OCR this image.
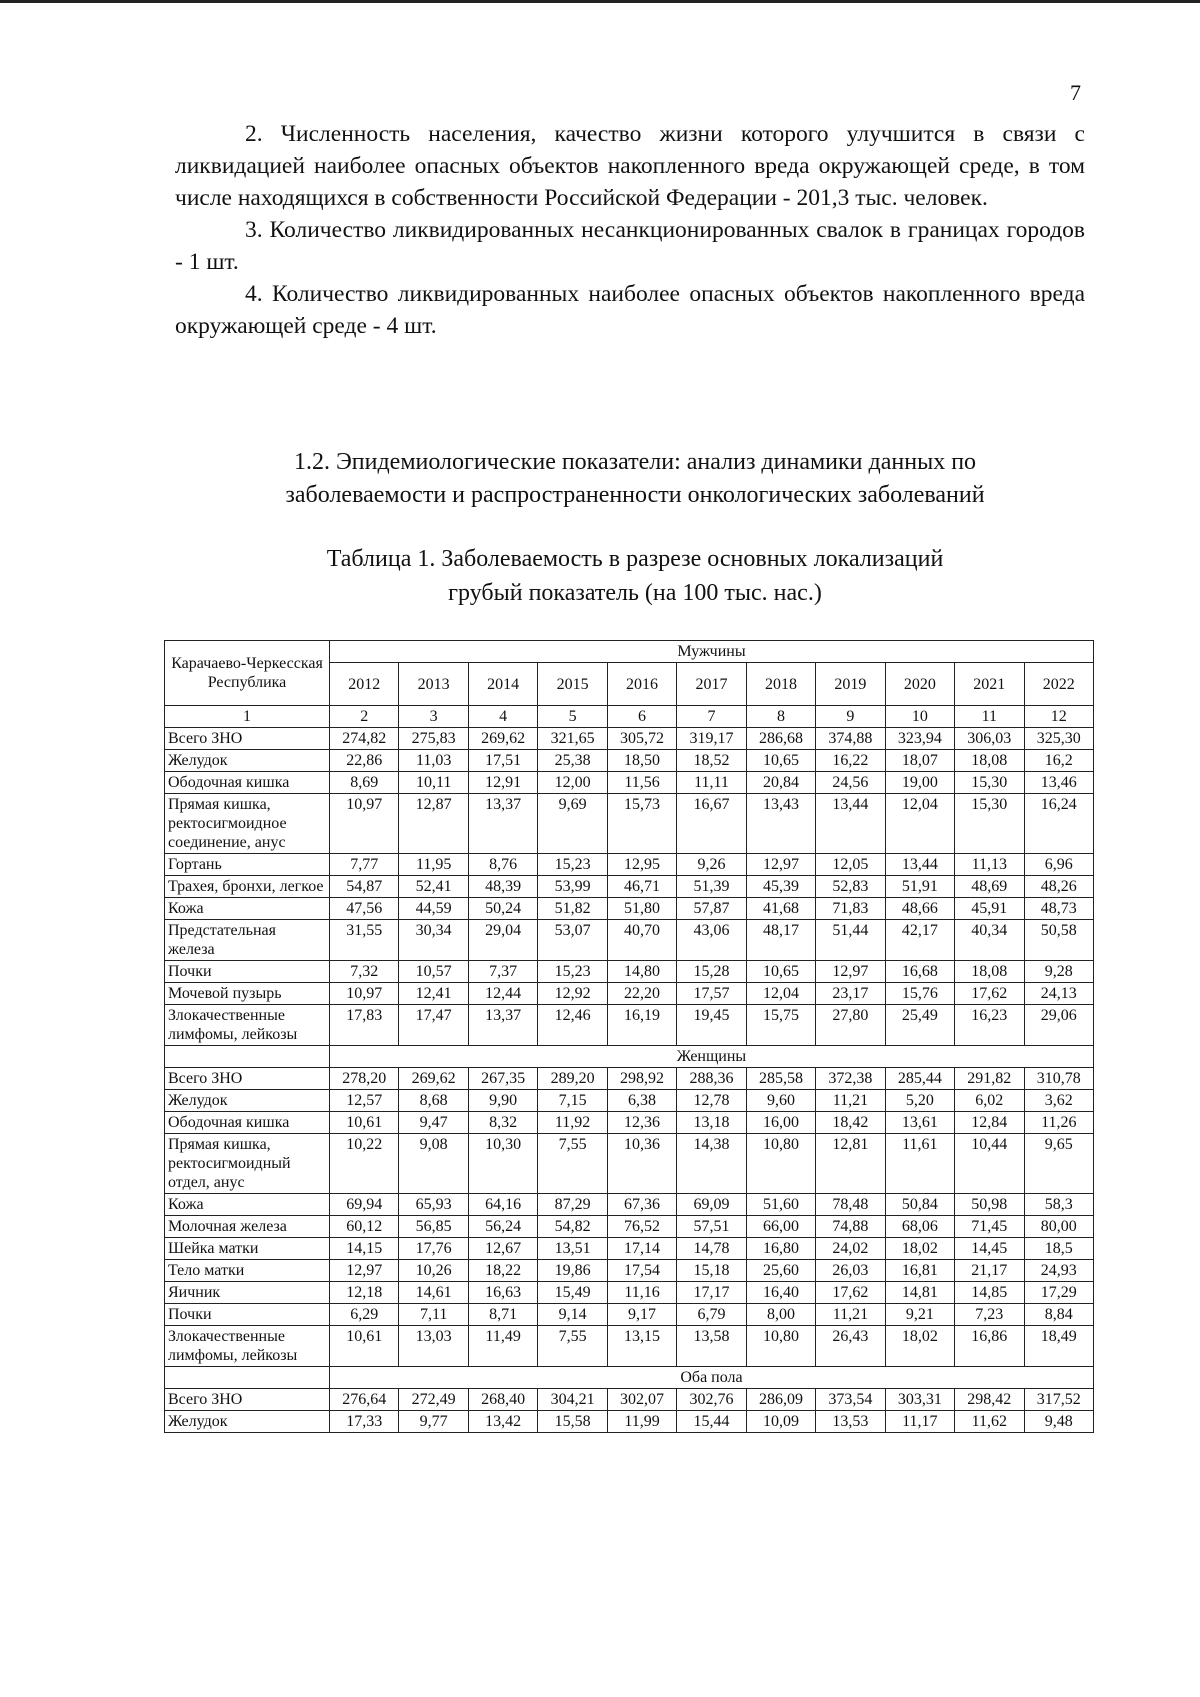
7

2. Численность населения, качество жизни которого улучшится в связи с ликвидацией наиболее опасных объектов накопленного вреда окружающей среде, в том числе находящихся в собственности Российской Федерации - 201,3 тыс. человек.

3. Количество ликвидированных несанкционированных свалок в границах городов - 1 шт.

4. Количество ликвидированных наиболее опасных объектов накопленного вреда окружающей среде - 4 шт.

1.2. Эпидемиологические показатели: анализ динамики данных по
заболеваемости и распространенности онкологических заболеваний
Таблица 1. Заболеваемость в разрезе основных локализаций
грубый показатель (на 100 тыс. нас.)
Карачаево-Черкесская Республика	Мужчины										
	2012	2013	2014	2015	2016	2017	2018	2019	2020	2021	2022
1	2	3	4	5	6	7	8	9	10	11	12
Всего ЗНО	274,82	275,83	269,62	321,65	305,72	319,17	286,68	374,88	323,94	306,03	325,30
Желудок	22,86	11,03	17,51	25,38	18,50	18,52	10,65	16,22	18,07	18,08	16,2
Ободочная кишка	8,69	10,11	12,91	12,00	11,56	11,11	20,84	24,56	19,00	15,30	13,46
Прямая кишка, ректосигмоидное соединение, анус	10,97	12,87	13,37	9,69	15,73	16,67	13,43	13,44	12,04	15,30	16,24
Гортань	7,77	11,95	8,76	15,23	12,95	9,26	12,97	12,05	13,44	11,13	6,96
Трахея, бронхи, легкое	54,87	52,41	48,39	53,99	46,71	51,39	45,39	52,83	51,91	48,69	48,26
Кожа	47,56	44,59	50,24	51,82	51,80	57,87	41,68	71,83	48,66	45,91	48,73
Предстательная железа	31,55	30,34	29,04	53,07	40,70	43,06	48,17	51,44	42,17	40,34	50,58
Почки	7,32	10,57	7,37	15,23	14,80	15,28	10,65	12,97	16,68	18,08	9,28
Мочевой пузырь	10,97	12,41	12,44	12,92	22,20	17,57	12,04	23,17	15,76	17,62	24,13
Злокачественные лимфомы, лейкозы	17,83	17,47	13,37	12,46	16,19	19,45	15,75	27,80	25,49	16,23	29,06
	Женщины										
Всего ЗНО	278,20	269,62	267,35	289,20	298,92	288,36	285,58	372,38	285,44	291,82	310,78
Желудок	12,57	8,68	9,90	7,15	6,38	12,78	9,60	11,21	5,20	6,02	3,62
Ободочная кишка	10,61	9,47	8,32	11,92	12,36	13,18	16,00	18,42	13,61	12,84	11,26
Прямая кишка, ректосигмоидный отдел, анус	10,22	9,08	10,30	7,55	10,36	14,38	10,80	12,81	11,61	10,44	9,65
Кожа	69,94	65,93	64,16	87,29	67,36	69,09	51,60	78,48	50,84	50,98	58,3
Молочная железа	60,12	56,85	56,24	54,82	76,52	57,51	66,00	74,88	68,06	71,45	80,00
Шейка матки	14,15	17,76	12,67	13,51	17,14	14,78	16,80	24,02	18,02	14,45	18,5
Тело матки	12,97	10,26	18,22	19,86	17,54	15,18	25,60	26,03	16,81	21,17	24,93
Яичник	12,18	14,61	16,63	15,49	11,16	17,17	16,40	17,62	14,81	14,85	17,29
Почки	6,29	7,11	8,71	9,14	9,17	6,79	8,00	11,21	9,21	7,23	8,84
Злокачественные лимфомы, лейкозы	10,61	13,03	11,49	7,55	13,15	13,58	10,80	26,43	18,02	16,86	18,49
	Оба пола										
Всего ЗНО	276,64	272,49	268,40	304,21	302,07	302,76	286,09	373,54	303,31	298,42	317,52
Желудок	17,33	9,77	13,42	15,58	11,99	15,44	10,09	13,53	11,17	11,62	9,48
